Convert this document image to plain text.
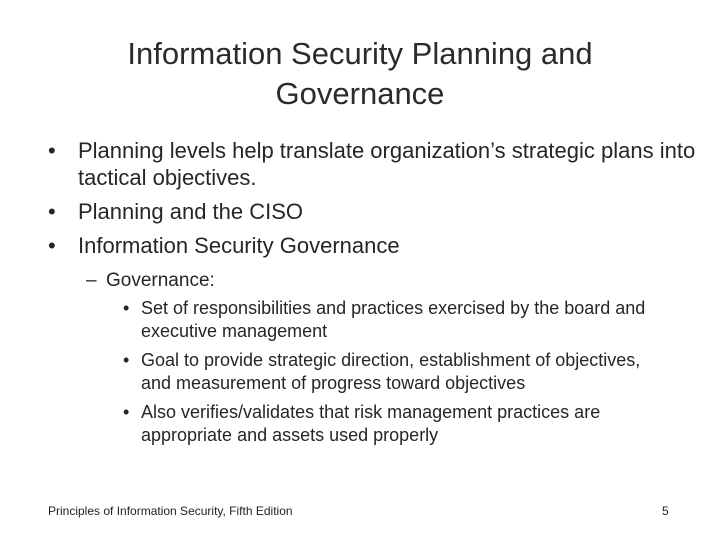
Information Security Planning and
Governance
• Planning levels help translate organization’s strategic plans into tactical objectives.
• Planning and the CISO
• Information Security Governance
– Governance:
• Set of responsibilities and practices exercised by the board and executive management
• Goal to provide strategic direction, establishment of objectives, and measurement of progress toward objectives
• Also verifies/validates that risk management practices are appropriate and assets used properly
Principles of Information Security, Fifth Edition	5
